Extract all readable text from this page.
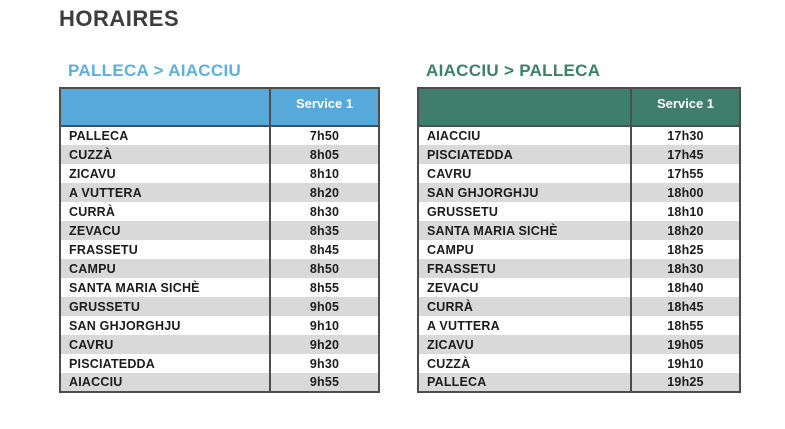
HORAIRES
PALLECA > AIACCIU
	Service 1
PALLECA	7h50
CUZZÀ	8h05
ZICAVU	8h10
A VUTTERA	8h20
CURRÀ	8h30
ZEVACU	8h35
FRASSETU	8h45
CAMPU	8h50
SANTA MARIA SICHÈ	8h55
GRUSSETU	9h05
SAN GHJORGHJU	9h10
CAVRU	9h20
PISCIATEDDA	9h30
AIACCIU	9h55
AIACCIU > PALLECA
	Service 1
AIACCIU	17h30
PISCIATEDDA	17h45
CAVRU	17h55
SAN GHJORGHJU	18h00
GRUSSETU	18h10
SANTA MARIA SICHÈ	18h20
CAMPU	18h25
FRASSETU	18h30
ZEVACU	18h40
CURRÀ	18h45
A VUTTERA	18h55
ZICAVU	19h05
CUZZÀ	19h10
PALLECA	19h25
